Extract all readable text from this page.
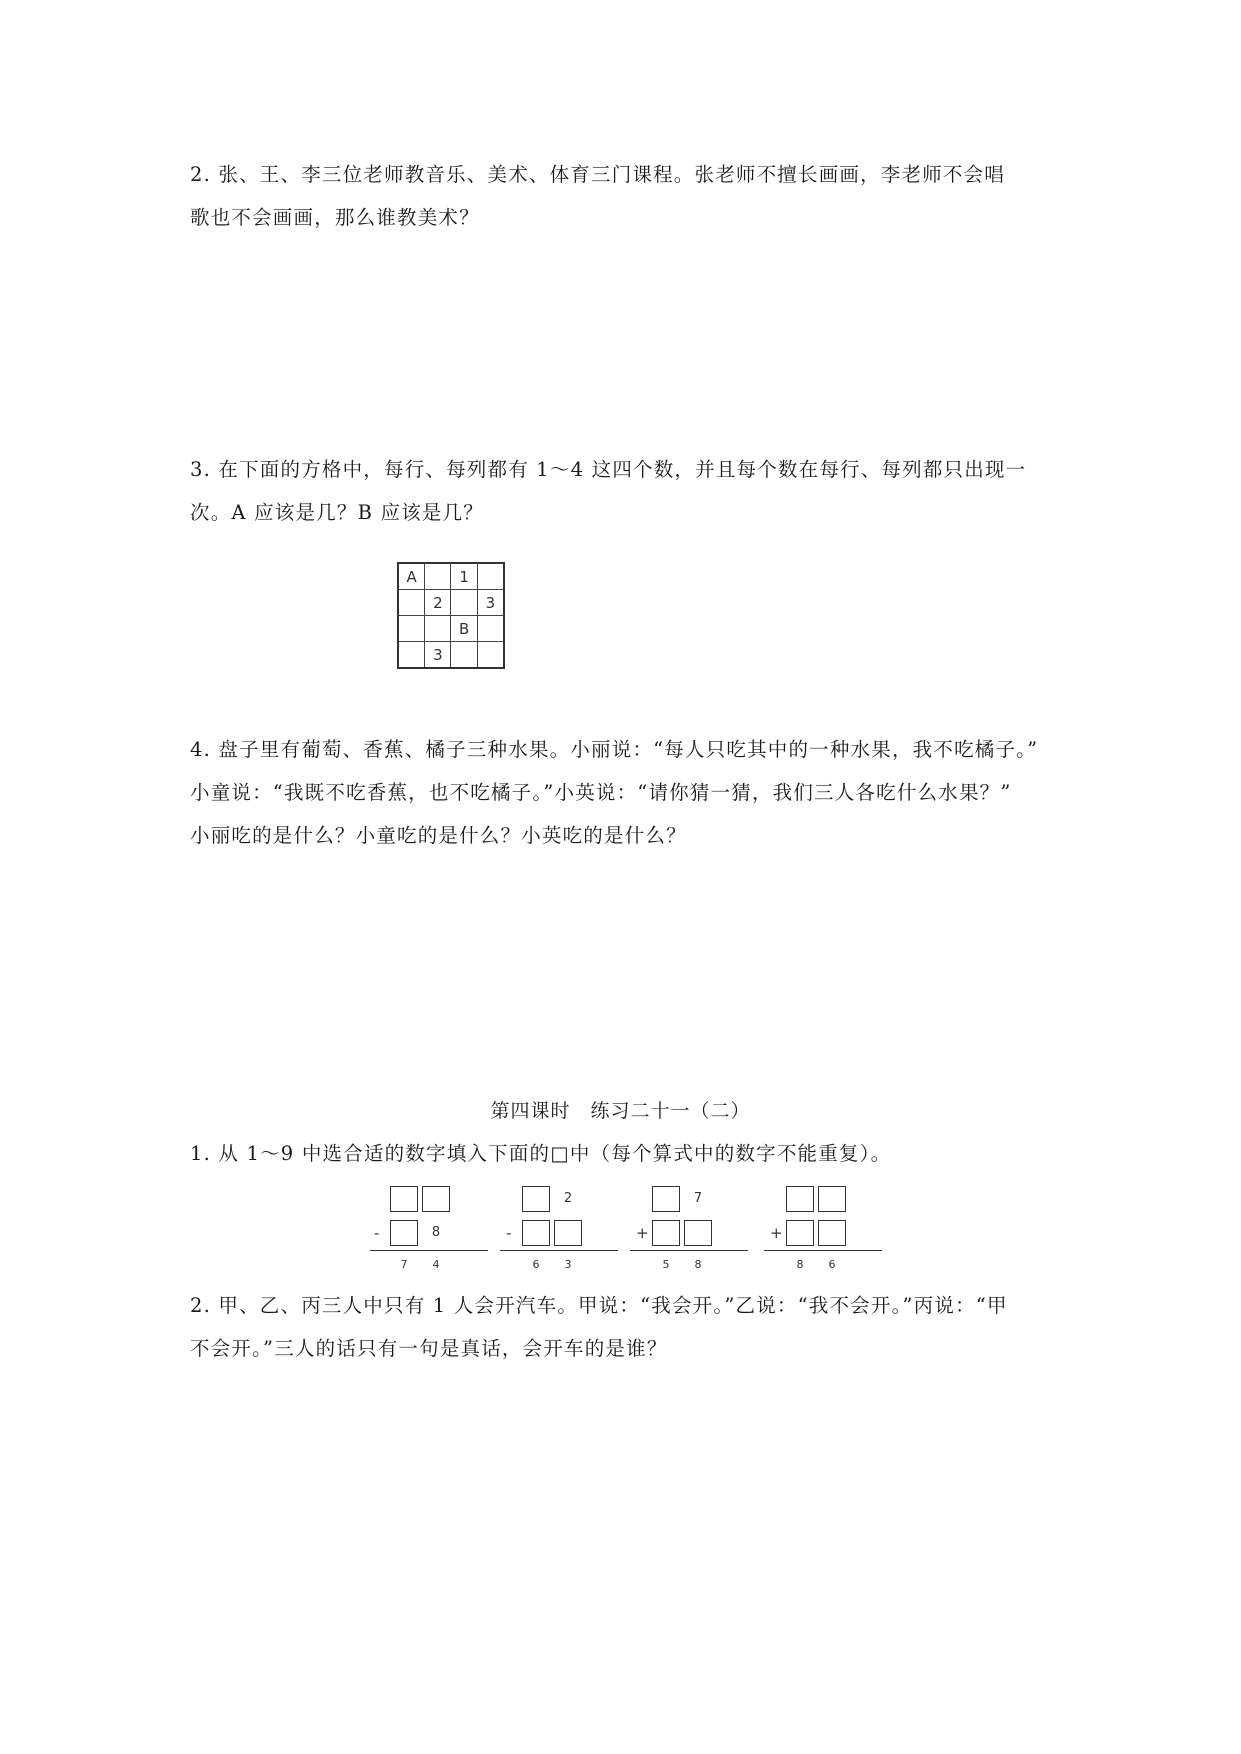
2. 张、王、李三位老师教音乐、美术、体育三门课程。张老师不擅长画画，李老师不会唱
歌也不会画画，那么谁教美术？
3. 在下面的方格中，每行、每列都有 1～4 这四个数，并且每个数在每行、每列都只出现一
次。A 应该是几？B 应该是几？
A		1	
	2		3
		B	
	3		
4. 盘子里有葡萄、香蕉、橘子三种水果。小丽说：“每人只吃其中的一种水果，我不吃橘子。”
小童说：“我既不吃香蕉，也不吃橘子。”小英说：“请你猜一猜，我们三人各吃什么水果？”
小丽吃的是什么？小童吃的是什么？小英吃的是什么？
第四课时　练习二十一（二）
1. 从 1～9 中选合适的数字填入下面的□中（每个算式中的数字不能重复）。
-	8
7	4
2
-
6	3
7
+
5	8
+
8	6
2. 甲、乙、丙三人中只有 1 人会开汽车。甲说：“我会开。”乙说：“我不会开。”丙说：“甲
不会开。”三人的话只有一句是真话，会开车的是谁？
